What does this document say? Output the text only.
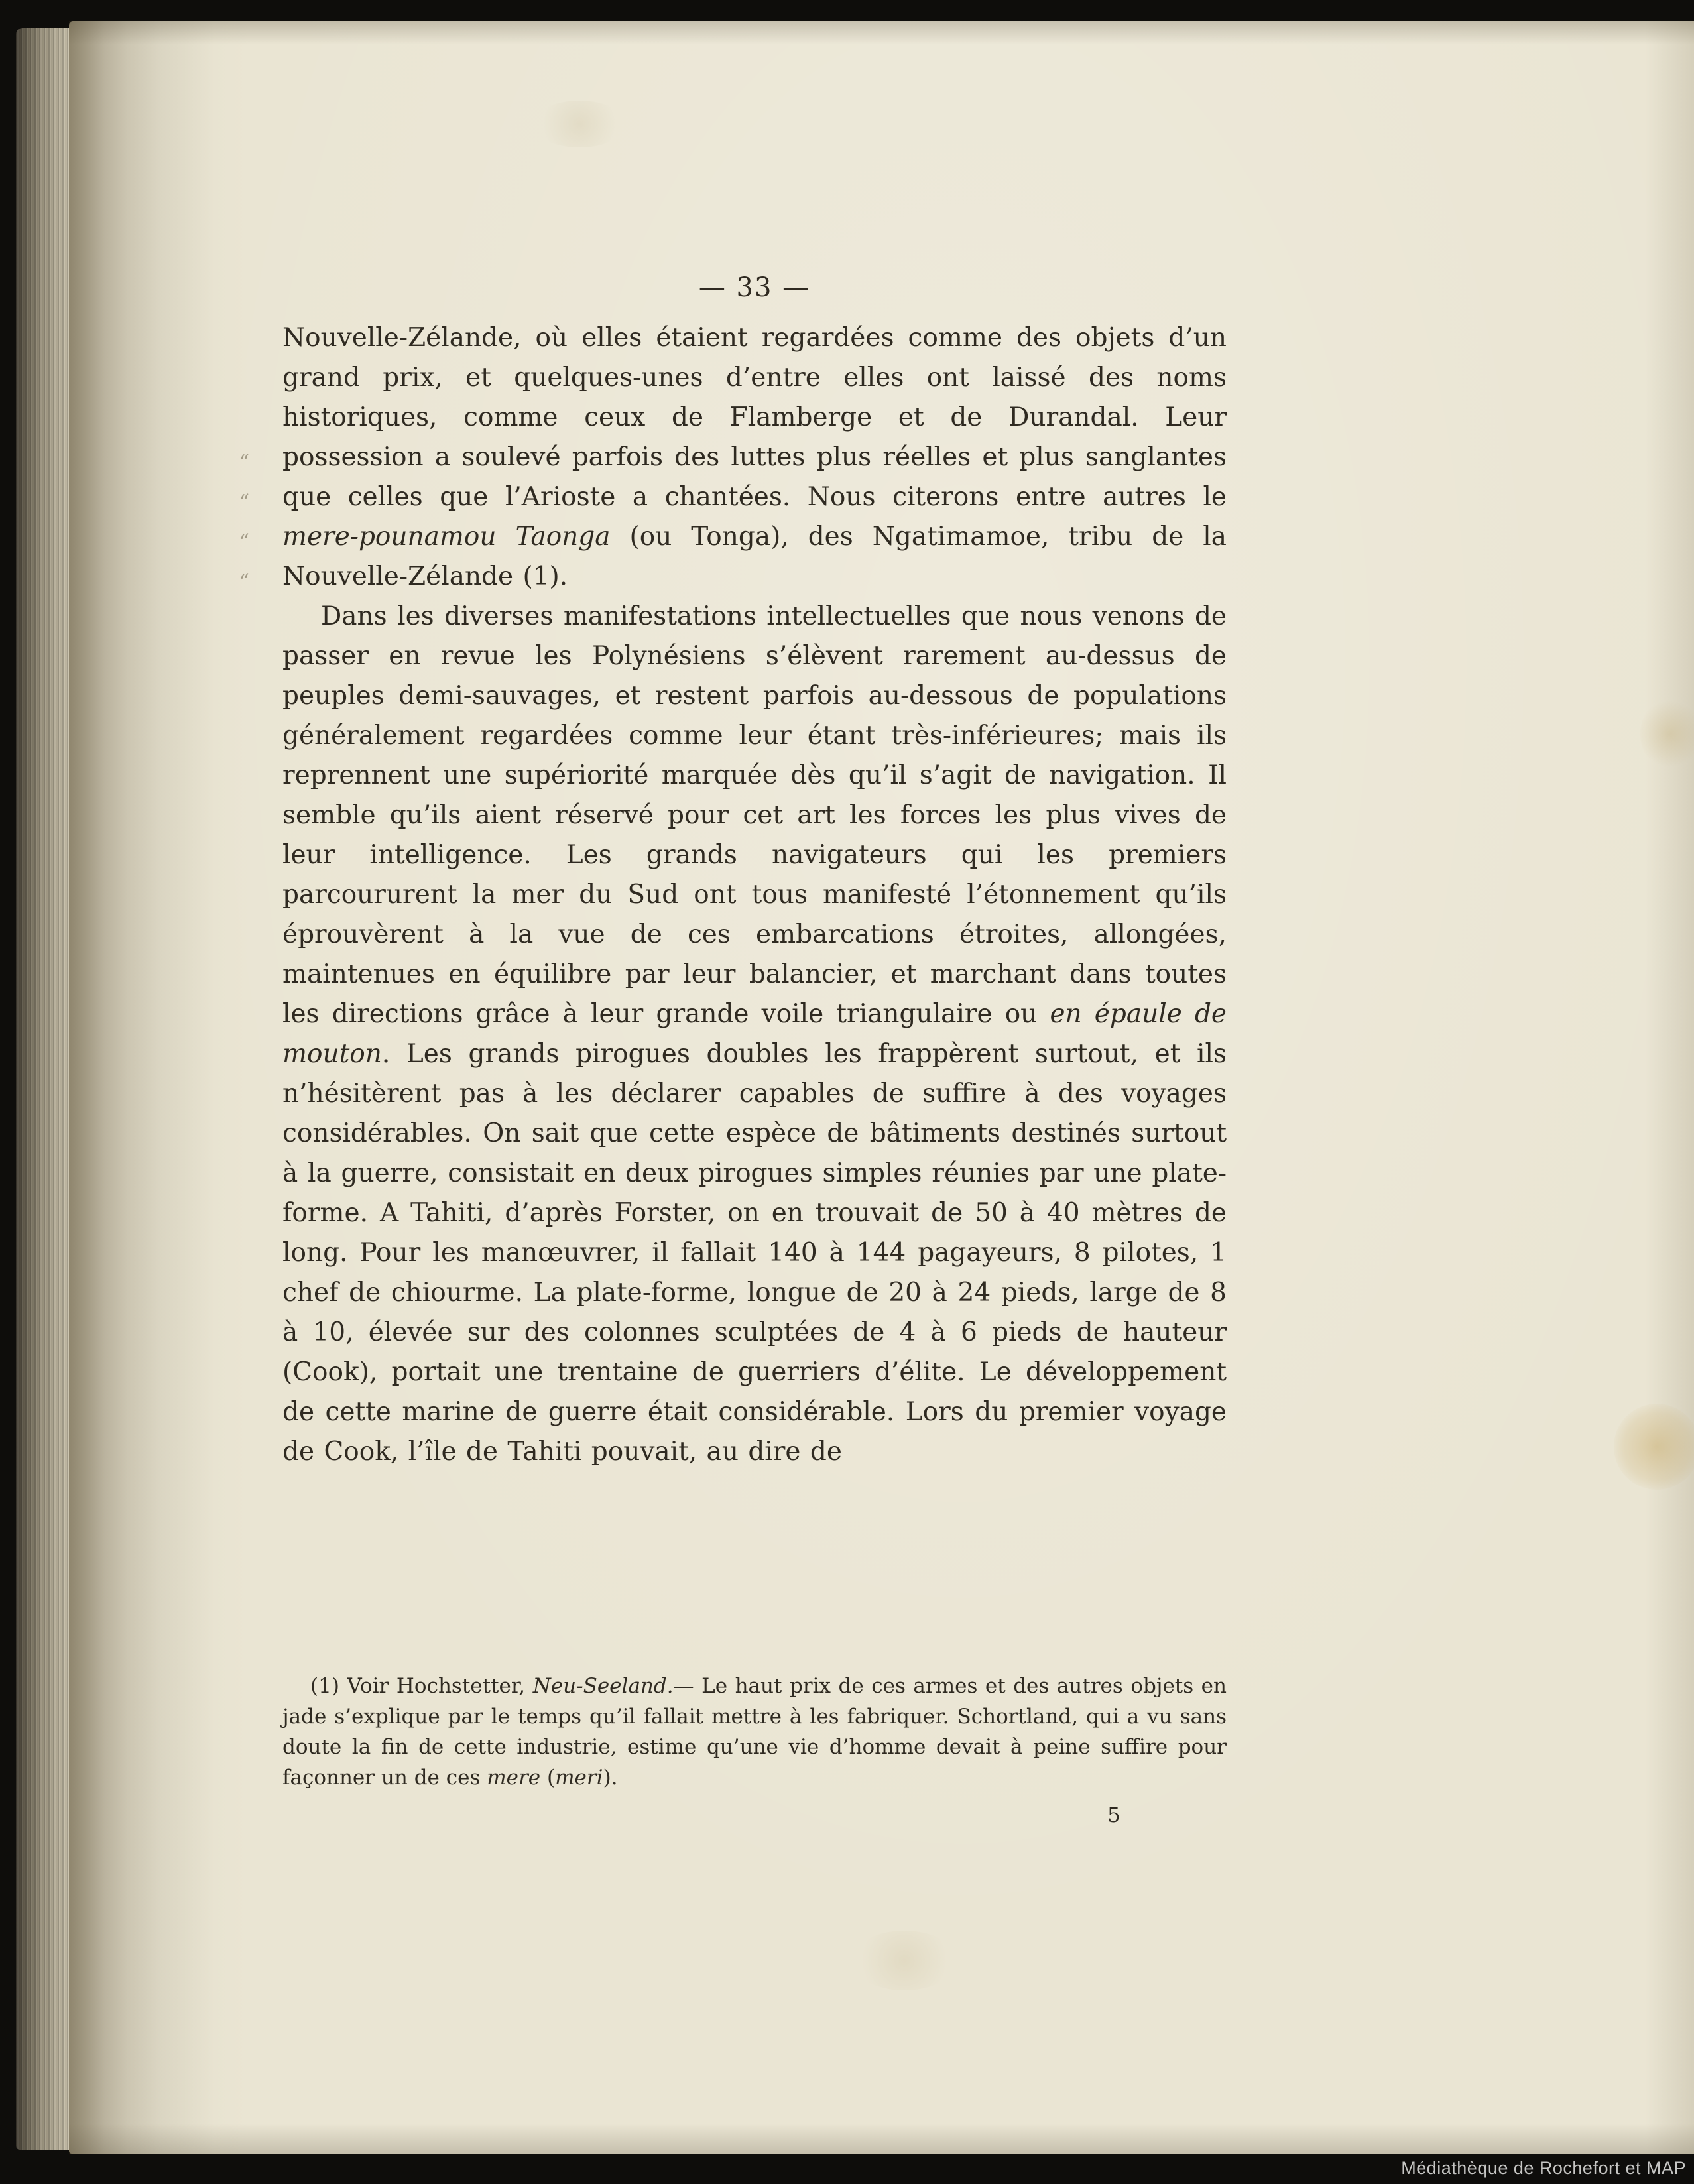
“
“
“
“
— 33 —

Nouvelle-Zélande, où elles étaient regardées comme des objets d’un grand prix, et quelques-unes d’entre elles ont laissé des noms historiques, comme ceux de Flamberge et de Durandal. Leur possession a soulevé parfois des luttes plus réelles et plus sanglantes que celles que l’Arioste a chantées. Nous citerons entre autres le mere-pounamou Taonga (ou Tonga), des Ngatimamoe, tribu de la Nouvelle-Zélande (1).

Dans les diverses manifestations intellectuelles que nous venons de passer en revue les Polynésiens s’élèvent rarement au-dessus de peuples demi-sauvages, et restent parfois au-dessous de populations généralement regardées comme leur étant très-inférieures; mais ils reprennent une supériorité marquée dès qu’il s’agit de navigation. Il semble qu’ils aient réservé pour cet art les forces les plus vives de leur intelligence. Les grands navigateurs qui les premiers parcoururent la mer du Sud ont tous manifesté l’étonnement qu’ils éprouvèrent à la vue de ces embarcations étroites, allongées, maintenues en équilibre par leur balancier, et marchant dans toutes les directions grâce à leur grande voile triangulaire ou en épaule de mouton. Les grands pirogues doubles les frappèrent surtout, et ils n’hésitèrent pas à les déclarer capables de suffire à des voyages considérables. On sait que cette espèce de bâtiments destinés surtout à la guerre, consistait en deux pirogues simples réunies par une plate-forme. A Tahiti, d’après Forster, on en trouvait de 50 à 40 mètres de long. Pour les manœuvrer, il fallait 140 à 144 pagayeurs, 8 pilotes, 1 chef de chiourme. La plate-forme, longue de 20 à 24 pieds, large de 8 à 10, élevée sur des colonnes sculptées de 4 à 6 pieds de hauteur (Cook), portait une trentaine de guerriers d’élite. Le développement de cette marine de guerre était considérable. Lors du premier voyage de Cook, l’île de Tahiti pouvait, au dire de

(1) Voir Hochstetter, Neu-Seeland.— Le haut prix de ces armes et des autres objets en jade s’explique par le temps qu’il fallait mettre à les fabriquer. Schortland, qui a vu sans doute la fin de cette industrie, estime qu’une vie d’homme devait à peine suffire pour façonner un de ces mere (meri).
5
Médiathèque de Rochefort et MAP
